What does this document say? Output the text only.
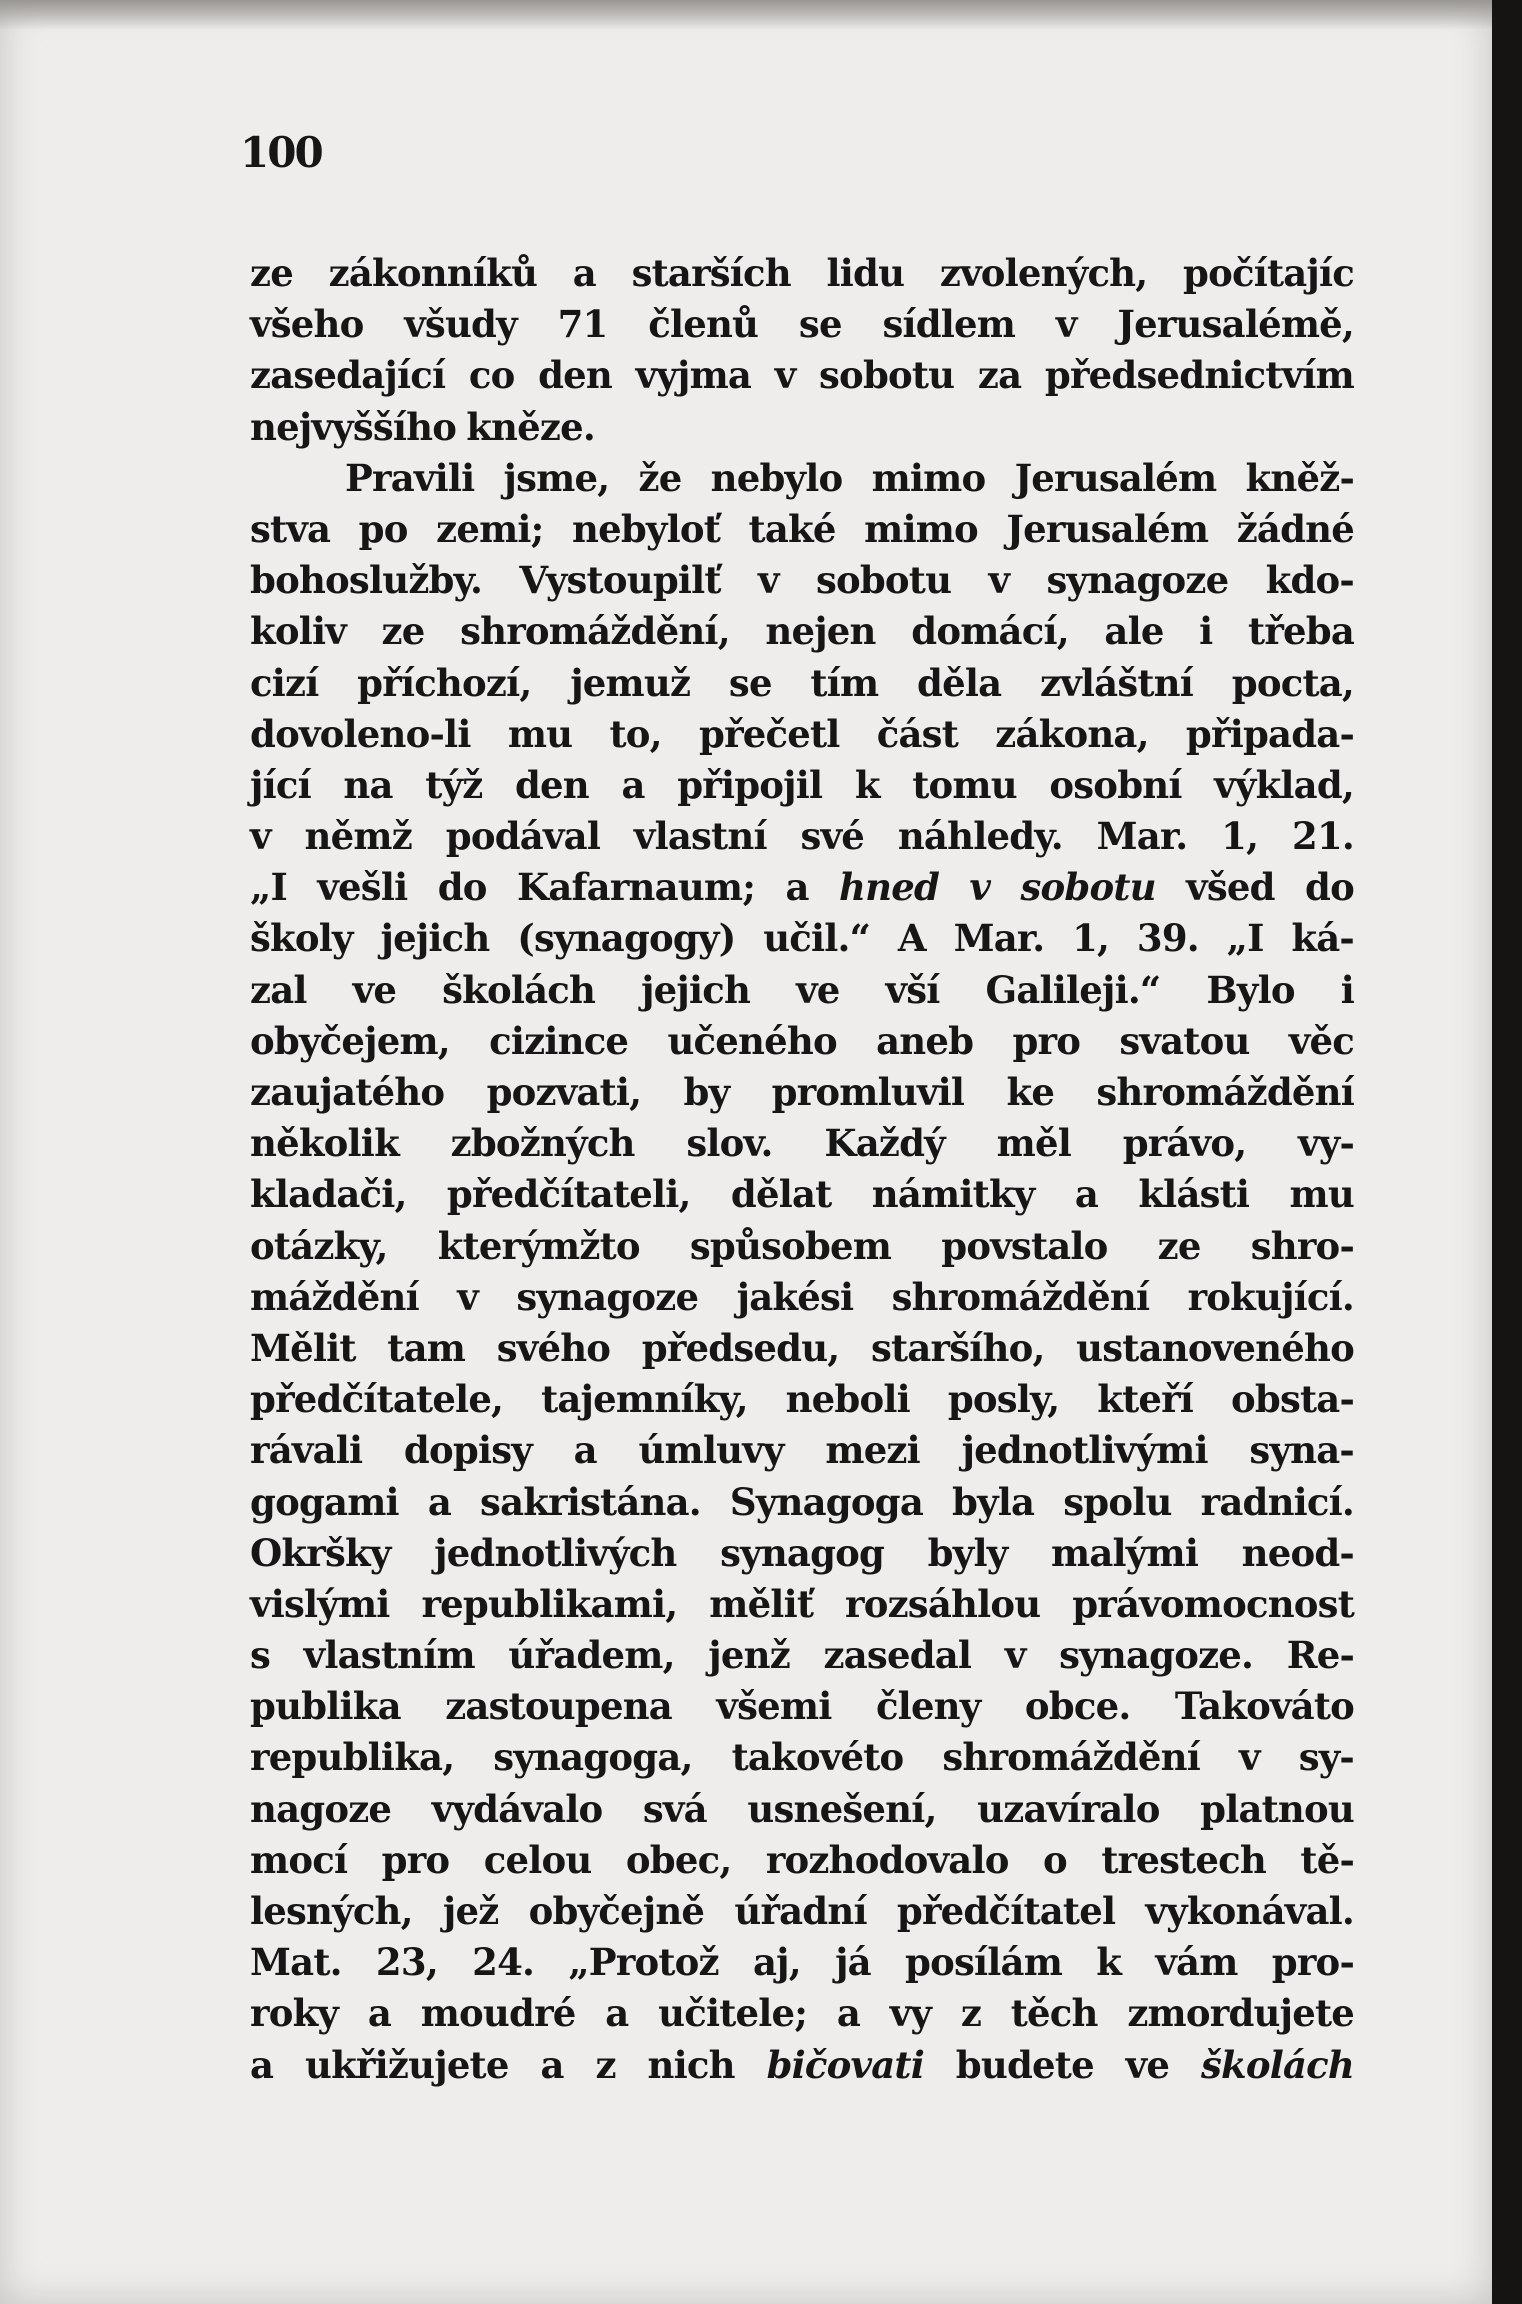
100
ze zákonníků a starších lidu zvolených, počítajíc
všeho všudy 71 členů se sídlem v Jerusalémě,
zasedající co den vyjma v sobotu za předsednictvím
nejvyššího kněze.
Pravili jsme, že nebylo mimo Jerusalém kněž-
stva po zemi; nebyloť také mimo Jerusalém žádné
bohoslužby. Vystoupilť v sobotu v synagoze kdo-
koliv ze shromáždění, nejen domácí, ale i třeba
cizí příchozí, jemuž se tím děla zvláštní pocta,
dovoleno-li mu to, přečetl část zákona, připada-
jící na týž den a připojil k tomu osobní výklad,
v němž podával vlastní své náhledy. Mar. 1, 21.
„I vešli do Kafarnaum; a hned v sobotu všed do
školy jejich (synagogy) učil.“ A Mar. 1, 39. „I ká-
zal ve školách jejich ve vší Galileji.“ Bylo i
obyčejem, cizince učeného aneb pro svatou věc
zaujatého pozvati, by promluvil ke shromáždění
několik zbožných slov. Každý měl právo, vy-
kladači, předčítateli, dělat námitky a klásti mu
otázky, kterýmžto spůsobem povstalo ze shro-
máždění v synagoze jakési shromáždění rokující.
Mělit tam svého předsedu, staršího, ustanoveného
předčítatele, tajemníky, neboli posly, kteří obsta-
rávali dopisy a úmluvy mezi jednotlivými syna-
gogami a sakristána. Synagoga byla spolu radnicí.
Okršky jednotlivých synagog byly malými neod-
vislými republikami, měliť rozsáhlou právomocnost
s vlastním úřadem, jenž zasedal v synagoze. Re-
publika zastoupena všemi členy obce. Takováto
republika, synagoga, takovéto shromáždění v sy-
nagoze vydávalo svá usnešení, uzavíralo platnou
mocí pro celou obec, rozhodovalo o trestech tě-
lesných, jež obyčejně úřadní předčítatel vykonával.
Mat. 23, 24. „Protož aj, já posílám k vám pro-
roky a moudré a učitele; a vy z těch zmordujete
a ukřižujete a z nich bičovati budete ve školách
